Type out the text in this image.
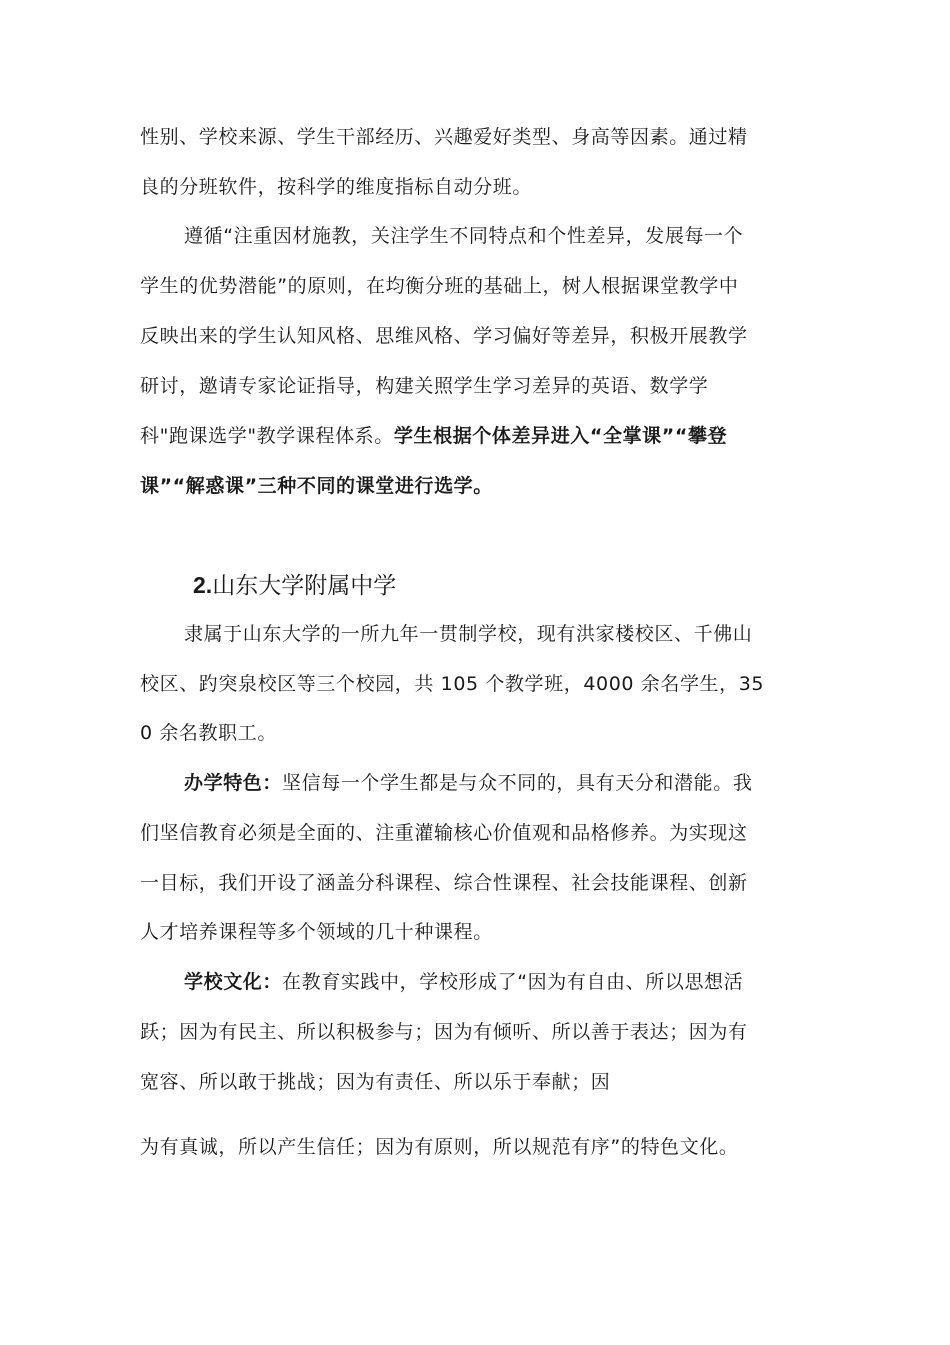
性别、学校来源、学生干部经历、兴趣爱好类型、身高等因素。通过精
良的分班软件，按科学的维度指标自动分班。
遵循“注重因材施教，关注学生不同特点和个性差异，发展每一个
学生的优势潜能”的原则，在均衡分班的基础上，树人根据课堂教学中
反映出来的学生认知风格、思维风格、学习偏好等差异，积极开展教学
研讨，邀请专家论证指导，构建关照学生学习差异的英语、数学学
科"跑课选学"教学课程体系。学生根据个体差异进入“全掌课”“攀登
课”“解惑课”三种不同的课堂进行选学。
2.山东大学附属中学
隶属于山东大学的一所九年一贯制学校，现有洪家楼校区、千佛山
校区、趵突泉校区等三个校园，共 105 个教学班，4000 余名学生，35
0 余名教职工。
办学特色：坚信每一个学生都是与众不同的，具有天分和潜能。我
们坚信教育必须是全面的、注重灌输核心价值观和品格修养。为实现这
一目标，我们开设了涵盖分科课程、综合性课程、社会技能课程、创新
人才培养课程等多个领域的几十种课程。
学校文化：在教育实践中，学校形成了“因为有自由、所以思想活
跃；因为有民主、所以积极参与；因为有倾听、所以善于表达；因为有
宽容、所以敢于挑战；因为有责任、所以乐于奉献；因
为有真诚，所以产生信任；因为有原则，所以规范有序”的特色文化。
